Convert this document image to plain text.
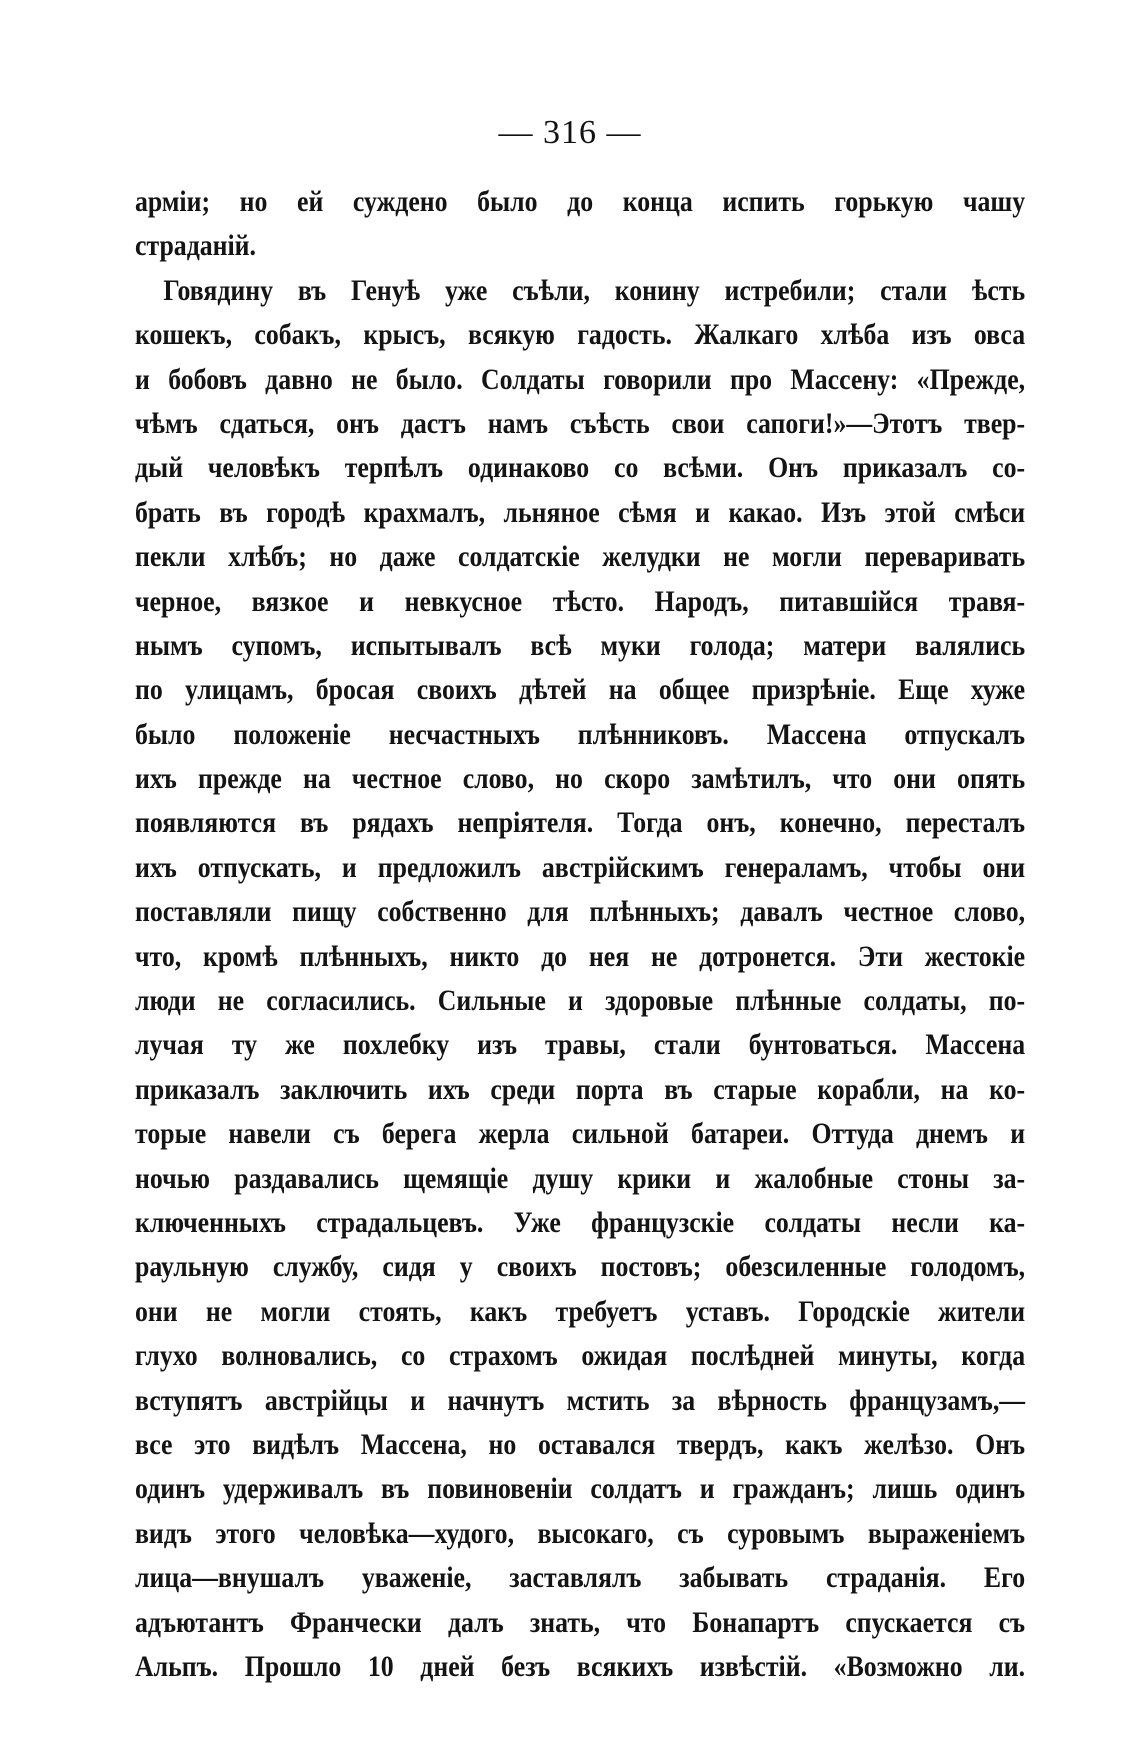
— 316 —
арміи; но ей суждено было до конца испить горькую чашу
страданій.
Говядину въ Генуѣ уже съѣли, конину истребили; стали ѣсть
кошекъ, собакъ, крысъ, всякую гадость. Жалкаго хлѣба изъ овса
и бобовъ давно не было. Солдаты говорили про Массену: «Прежде,
чѣмъ сдаться, онъ дастъ намъ съѣсть свои сапоги!»—Этотъ твер-
дый человѣкъ терпѣлъ одинаково со всѣми. Онъ приказалъ со-
брать въ городѣ крахмалъ, льняное сѣмя и какао. Изъ этой смѣси
пекли хлѣбъ; но даже солдатскіе желудки не могли переваривать
черное, вязкое и невкусное тѣсто. Народъ, питавшійся травя-
нымъ супомъ, испытывалъ всѣ муки голода; матери валялись
по улицамъ, бросая своихъ дѣтей на общее призрѣніе. Еще хуже
было положеніе несчастныхъ плѣнниковъ. Массена отпускалъ
ихъ прежде на честное слово, но скоро замѣтилъ, что они опять
появляются въ рядахъ непріятеля. Тогда онъ, конечно, пересталъ
ихъ отпускать, и предложилъ австрійскимъ генераламъ, чтобы они
поставляли пищу собственно для плѣнныхъ; давалъ честное слово,
что, кромѣ плѣнныхъ, никто до нея не дотронется. Эти жестокіе
люди не согласились. Сильные и здоровые плѣнные солдаты, по-
лучая ту же похлебку изъ травы, стали бунтоваться. Массена
приказалъ заключить ихъ среди порта въ старые корабли, на ко-
торые навели съ берега жерла сильной батареи. Оттуда днемъ и
ночью раздавались щемящіе душу крики и жалобные стоны за-
ключенныхъ страдальцевъ. Уже французскіе солдаты несли ка-
раульную службу, сидя у своихъ постовъ; обезсиленные голодомъ,
они не могли стоять, какъ требуетъ уставъ. Городскіе жители
глухо волновались, со страхомъ ожидая послѣдней минуты, когда
вступятъ австрійцы и начнутъ мстить за вѣрность французамъ,—
все это видѣлъ Массена, но оставался твердъ, какъ желѣзо. Онъ
одинъ удерживалъ въ повиновеніи солдатъ и гражданъ; лишь одинъ
видъ этого человѣка—худого, высокаго, съ суровымъ выраженіемъ
лица—внушалъ уваженіе, заставлялъ забывать страданія. Его
адъютантъ Франчески далъ знать, что Бонапартъ спускается съ
Альпъ. Прошло 10 дней безъ всякихъ извѣстій. «Возможно ли.
